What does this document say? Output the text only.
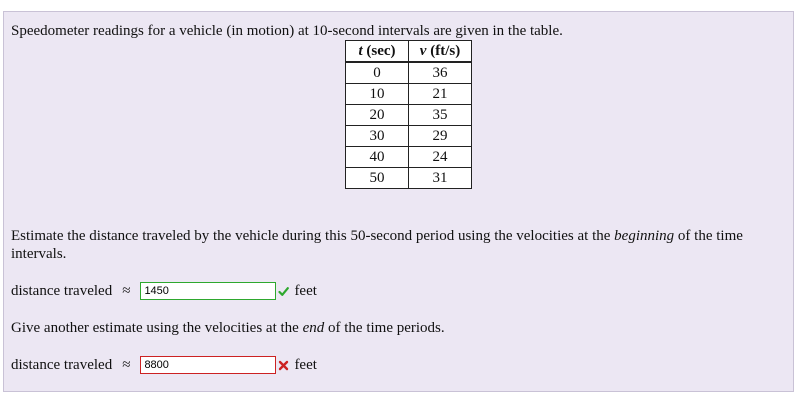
Speedometer readings for a vehicle (in motion) at 10-second intervals are given in the table.
t (sec)	v (ft/s)
0	36
10	21
20	35
30	29
40	24
50	31
Estimate the distance traveled by the vehicle during this 50-second period using the velocities at the beginning of the time intervals.
distance traveled ≈
1450	feet
Give another estimate using the velocities at the end of the time periods.
distance traveled ≈
8800	feet
